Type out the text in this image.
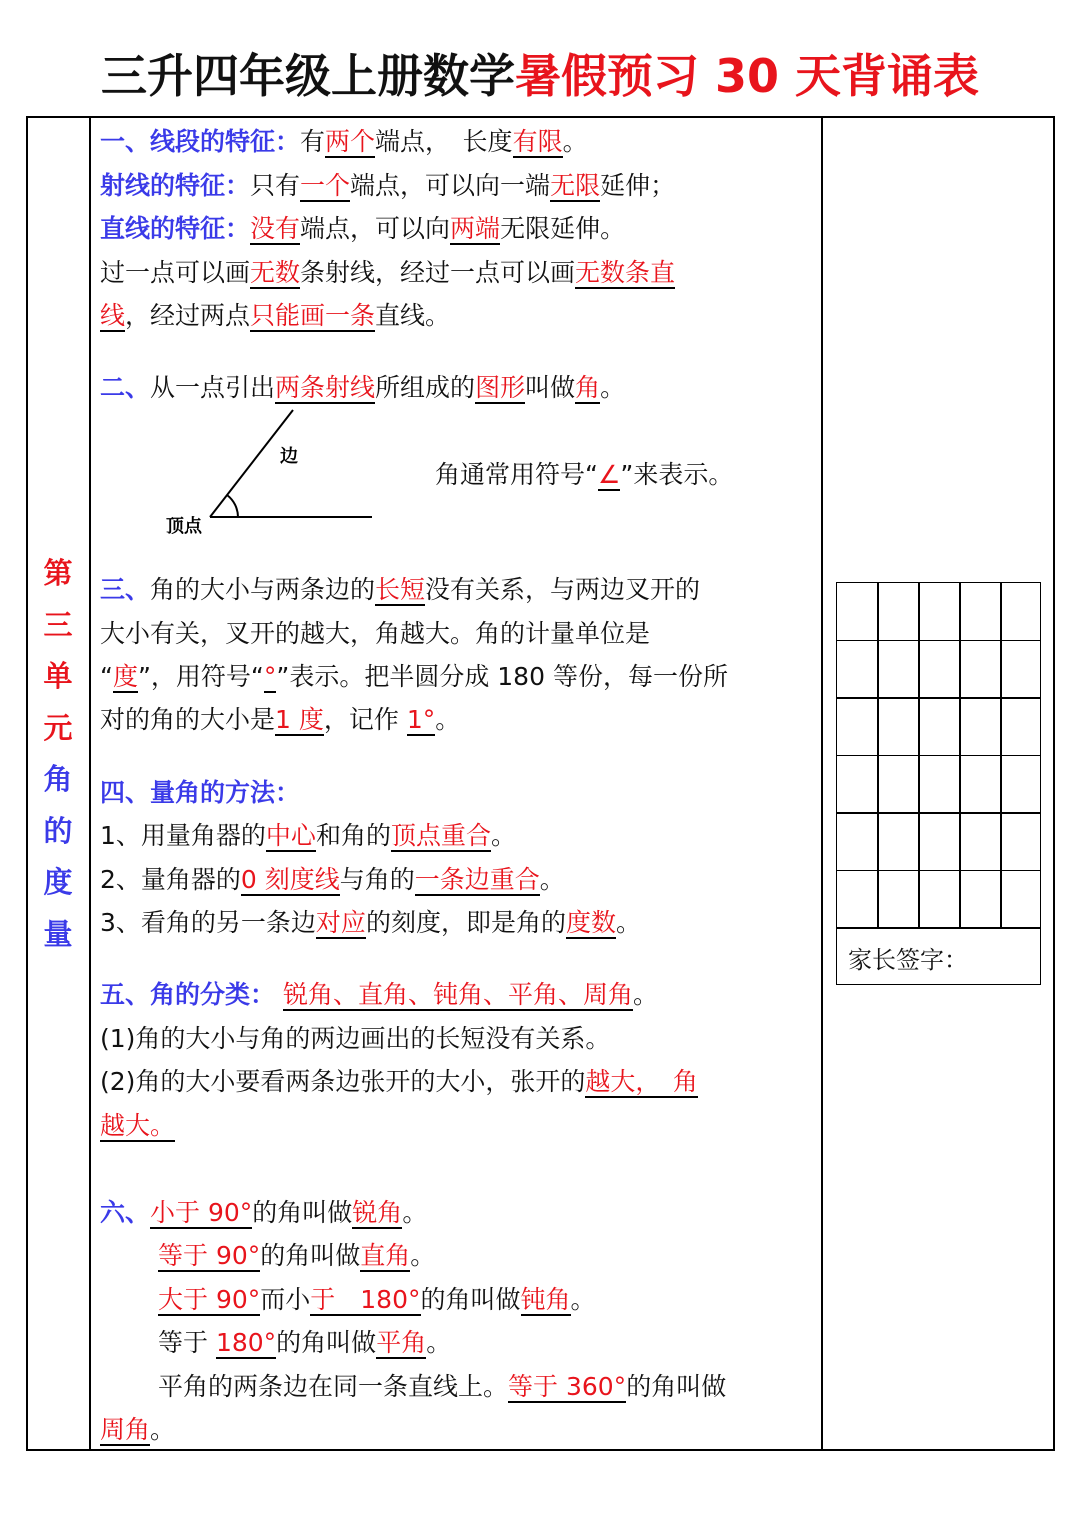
三升四年级上册数学暑假预习 30 天背诵表
第
三
单
元
角
的
度
量
一、线段的特征：有两个端点，　长度有限。
射线的特征：只有一个端点，可以向一端无限延伸；
直线的特征：没有端点，可以向两端无限延伸。
过一点可以画无数条射线，经过一点可以画无数条直
线，经过两点只能画一条直线。
二、从一点引出两条射线所组成的图形叫做角。
角通常用符号“∠”来表示。
三、角的大小与两条边的长短没有关系，与两边叉开的
大小有关，叉开的越大，角越大。角的计量单位是
“度”，用符号“°”表示。把半圆分成 180 等份，每一份所
对的角的大小是1 度，记作 1°。
四、量角的方法：
1、用量角器的中心和角的顶点重合。
2、量角器的0 刻度线与角的一条边重合。
3、看角的另一条边对应的刻度，即是角的度数。
五、角的分类： 锐角、直角、钝角、平角、周角。
(1)角的大小与角的两边画出的长短没有关系。
(2)角的大小要看两条边张开的大小，张开的越大，　角
越大。
六、小于 90°的角叫做锐角。
等于 90°的角叫做直角。
大于 90°而小于　180°的角叫做钝角。
等于 180°的角叫做平角。
平角的两条边在同一条直线上。等于 360°的角叫做
周角。
边
顶点
家长签字：
